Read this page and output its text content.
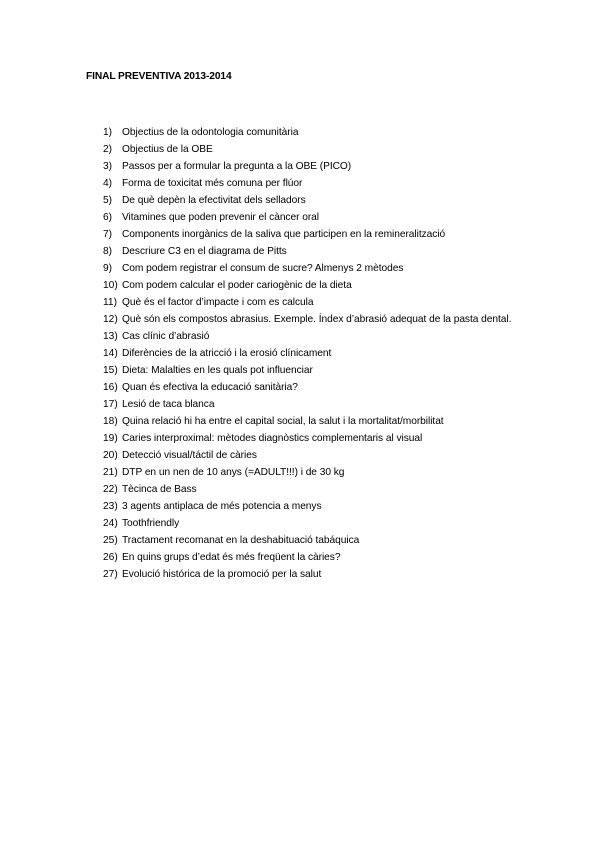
FINAL PREVENTIVA 2013-2014
1) Objectius de la odontologia comunitària
2) Objectius de la OBE
3) Passos per a formular la pregunta a la OBE (PICO)
4) Forma de toxicitat més comuna per flúor
5) De què depèn la efectivitat dels selladors
6) Vitamines que poden prevenir el càncer oral
7) Components inorgànics de la saliva que participen en la remineralització
8) Descriure C3 en el diagrama de Pitts
9) Com podem registrar el consum de sucre? Almenys 2 mètodes
10) Com podem calcular el poder cariogènic de la dieta
11) Què és el factor d’impacte i com es calcula
12) Què són els compostos abrasius. Exemple. Índex d’abrasió adequat de la pasta dental.
13) Cas clínic d’abrasió
14) Diferències de la atricció i la erosió clínicament
15) Dieta: Malalties en les quals pot influenciar
16) Quan és efectiva la educació sanitària?
17) Lesió de taca blanca
18) Quina relació hi ha entre el capital social, la salut i la mortalitat/morbilitat
19) Caries interproximal: mètodes diagnòstics complementaris al visual
20) Detecció visual/táctil de càries
21) DTP en un nen de 10 anys (=ADULT!!!) i de 30 kg
22) Tècinca de Bass
23) 3 agents antiplaca de més potencia a menys
24) Toothfriendly
25) Tractament recomanat en la deshabituació tabáquica
26) En quins grups d’edat és més freqüent la càries?
27) Evolució histórica de la promoció per la salut
